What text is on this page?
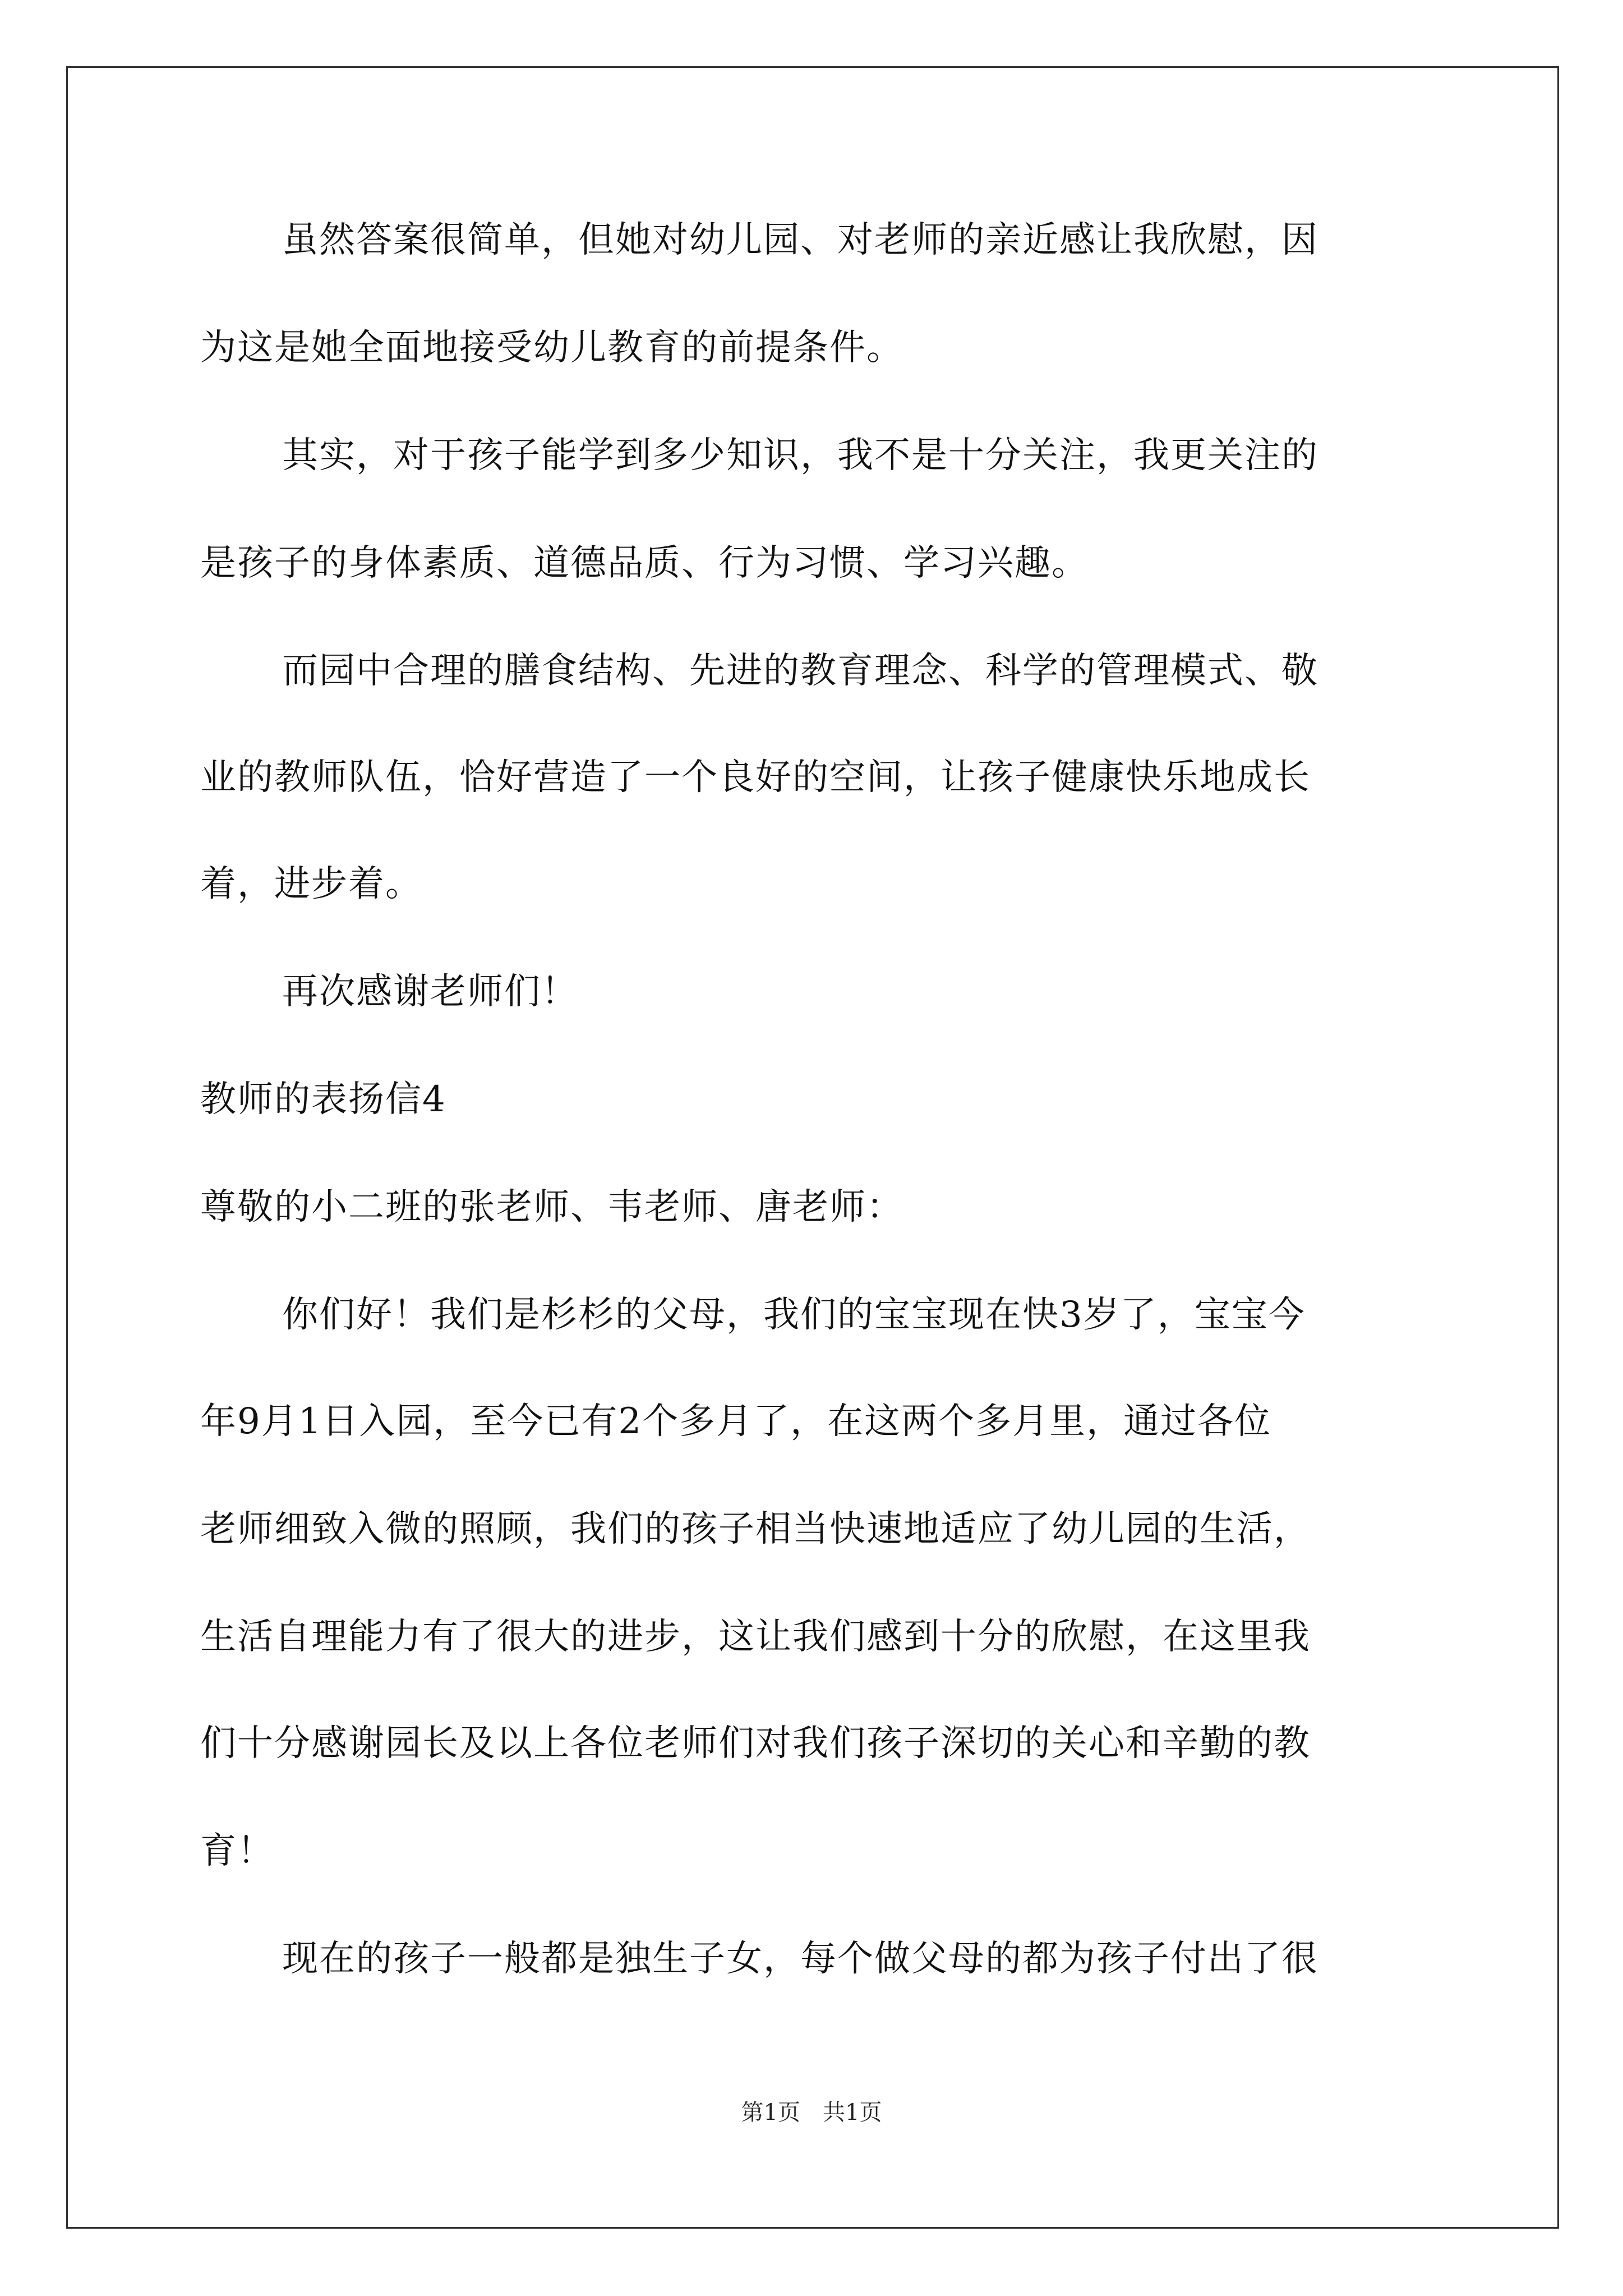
虽然答案很简单，但她对幼儿园、对老师的亲近感让我欣慰，因
为这是她全面地接受幼儿教育的前提条件。
其实，对于孩子能学到多少知识，我不是十分关注，我更关注的
是孩子的身体素质、道德品质、行为习惯、学习兴趣。
而园中合理的膳食结构、先进的教育理念、科学的管理模式、敬
业的教师队伍，恰好营造了一个良好的空间，让孩子健康快乐地成长
着，进步着。
再次感谢老师们！
教师的表扬信4
尊敬的小二班的张老师、韦老师、唐老师：
你们好！我们是杉杉的父母，我们的宝宝现在快3岁了，宝宝今
年9月1日入园，至今已有2个多月了，在这两个多月里，通过各位
老师细致入微的照顾，我们的孩子相当快速地适应了幼儿园的生活，
生活自理能力有了很大的进步，这让我们感到十分的欣慰，在这里我
们十分感谢园长及以上各位老师们对我们孩子深切的关心和辛勤的教
育！
现在的孩子一般都是独生子女，每个做父母的都为孩子付出了很
第1页　共1页
